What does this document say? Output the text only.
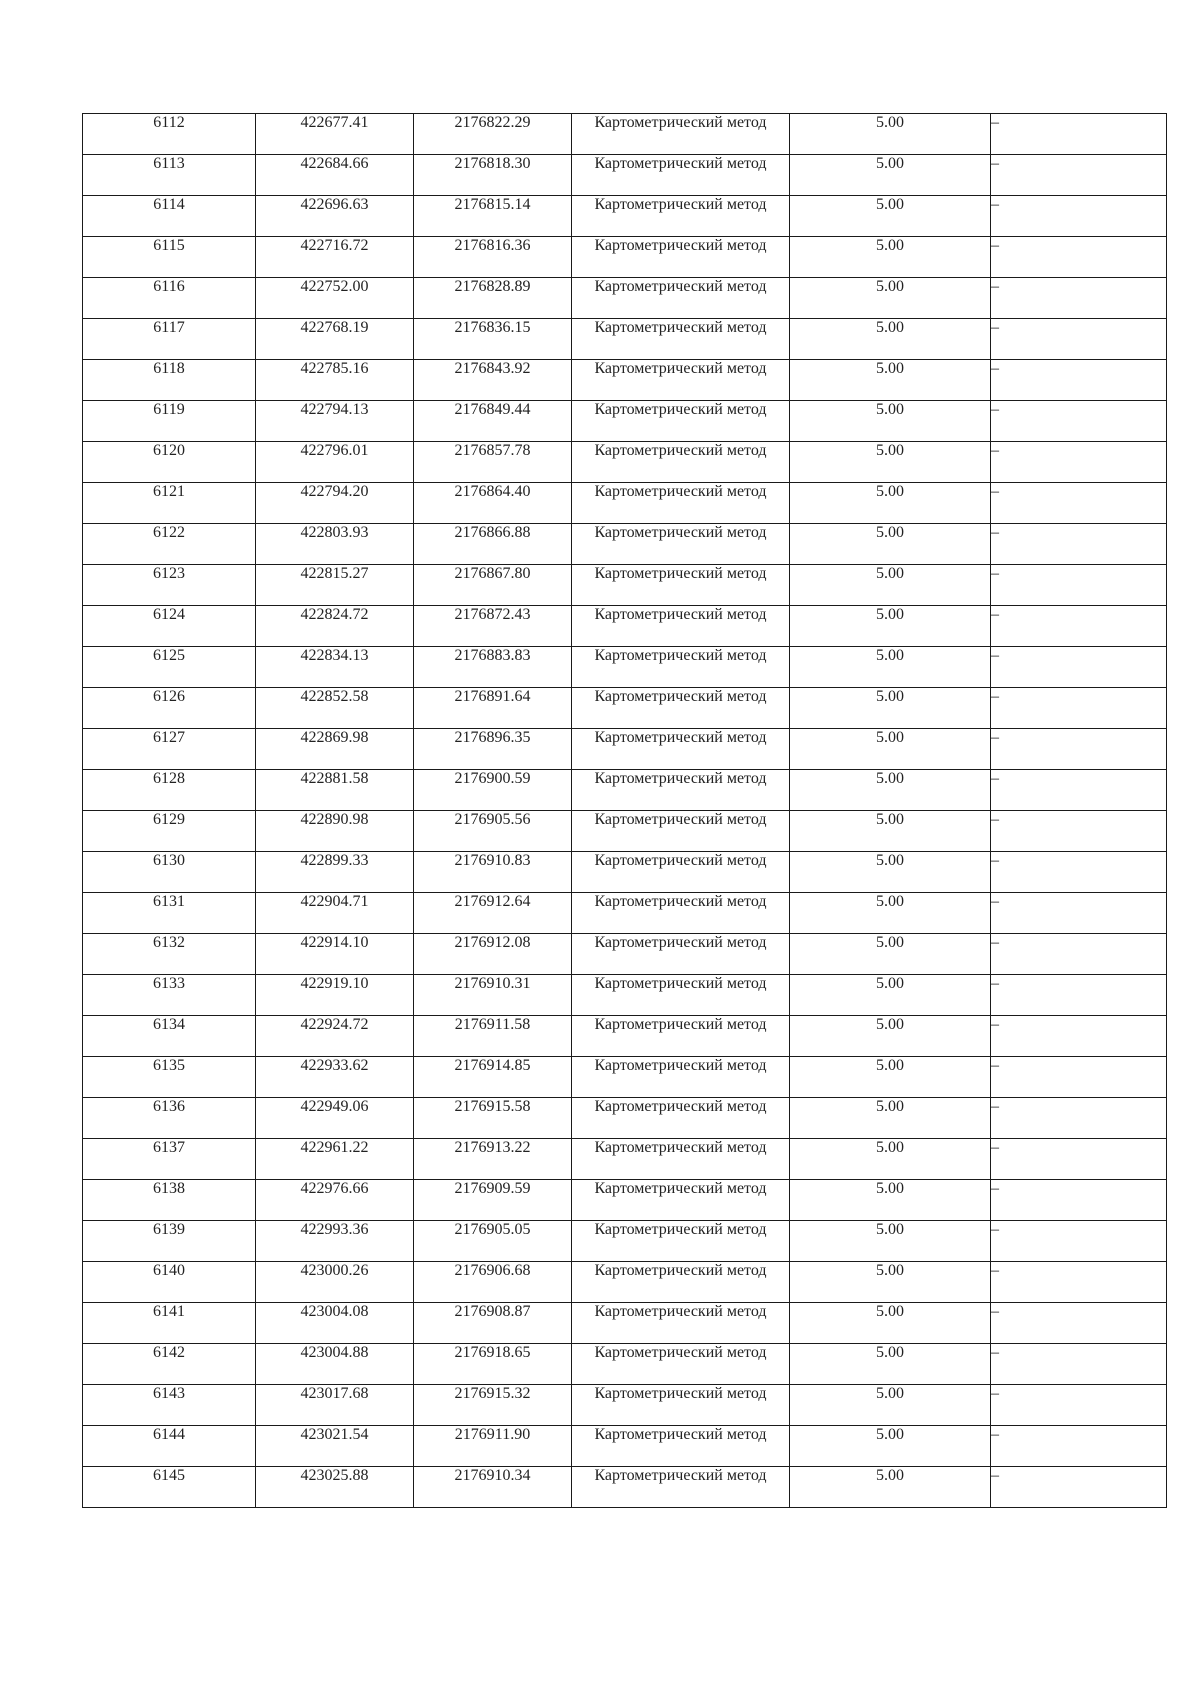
6112	422677.41	2176822.29	Картометрический метод	5.00	–
6113	422684.66	2176818.30	Картометрический метод	5.00	–
6114	422696.63	2176815.14	Картометрический метод	5.00	–
6115	422716.72	2176816.36	Картометрический метод	5.00	–
6116	422752.00	2176828.89	Картометрический метод	5.00	–
6117	422768.19	2176836.15	Картометрический метод	5.00	–
6118	422785.16	2176843.92	Картометрический метод	5.00	–
6119	422794.13	2176849.44	Картометрический метод	5.00	–
6120	422796.01	2176857.78	Картометрический метод	5.00	–
6121	422794.20	2176864.40	Картометрический метод	5.00	–
6122	422803.93	2176866.88	Картометрический метод	5.00	–
6123	422815.27	2176867.80	Картометрический метод	5.00	–
6124	422824.72	2176872.43	Картометрический метод	5.00	–
6125	422834.13	2176883.83	Картометрический метод	5.00	–
6126	422852.58	2176891.64	Картометрический метод	5.00	–
6127	422869.98	2176896.35	Картометрический метод	5.00	–
6128	422881.58	2176900.59	Картометрический метод	5.00	–
6129	422890.98	2176905.56	Картометрический метод	5.00	–
6130	422899.33	2176910.83	Картометрический метод	5.00	–
6131	422904.71	2176912.64	Картометрический метод	5.00	–
6132	422914.10	2176912.08	Картометрический метод	5.00	–
6133	422919.10	2176910.31	Картометрический метод	5.00	–
6134	422924.72	2176911.58	Картометрический метод	5.00	–
6135	422933.62	2176914.85	Картометрический метод	5.00	–
6136	422949.06	2176915.58	Картометрический метод	5.00	–
6137	422961.22	2176913.22	Картометрический метод	5.00	–
6138	422976.66	2176909.59	Картометрический метод	5.00	–
6139	422993.36	2176905.05	Картометрический метод	5.00	–
6140	423000.26	2176906.68	Картометрический метод	5.00	–
6141	423004.08	2176908.87	Картометрический метод	5.00	–
6142	423004.88	2176918.65	Картометрический метод	5.00	–
6143	423017.68	2176915.32	Картометрический метод	5.00	–
6144	423021.54	2176911.90	Картометрический метод	5.00	–
6145	423025.88	2176910.34	Картометрический метод	5.00	–
